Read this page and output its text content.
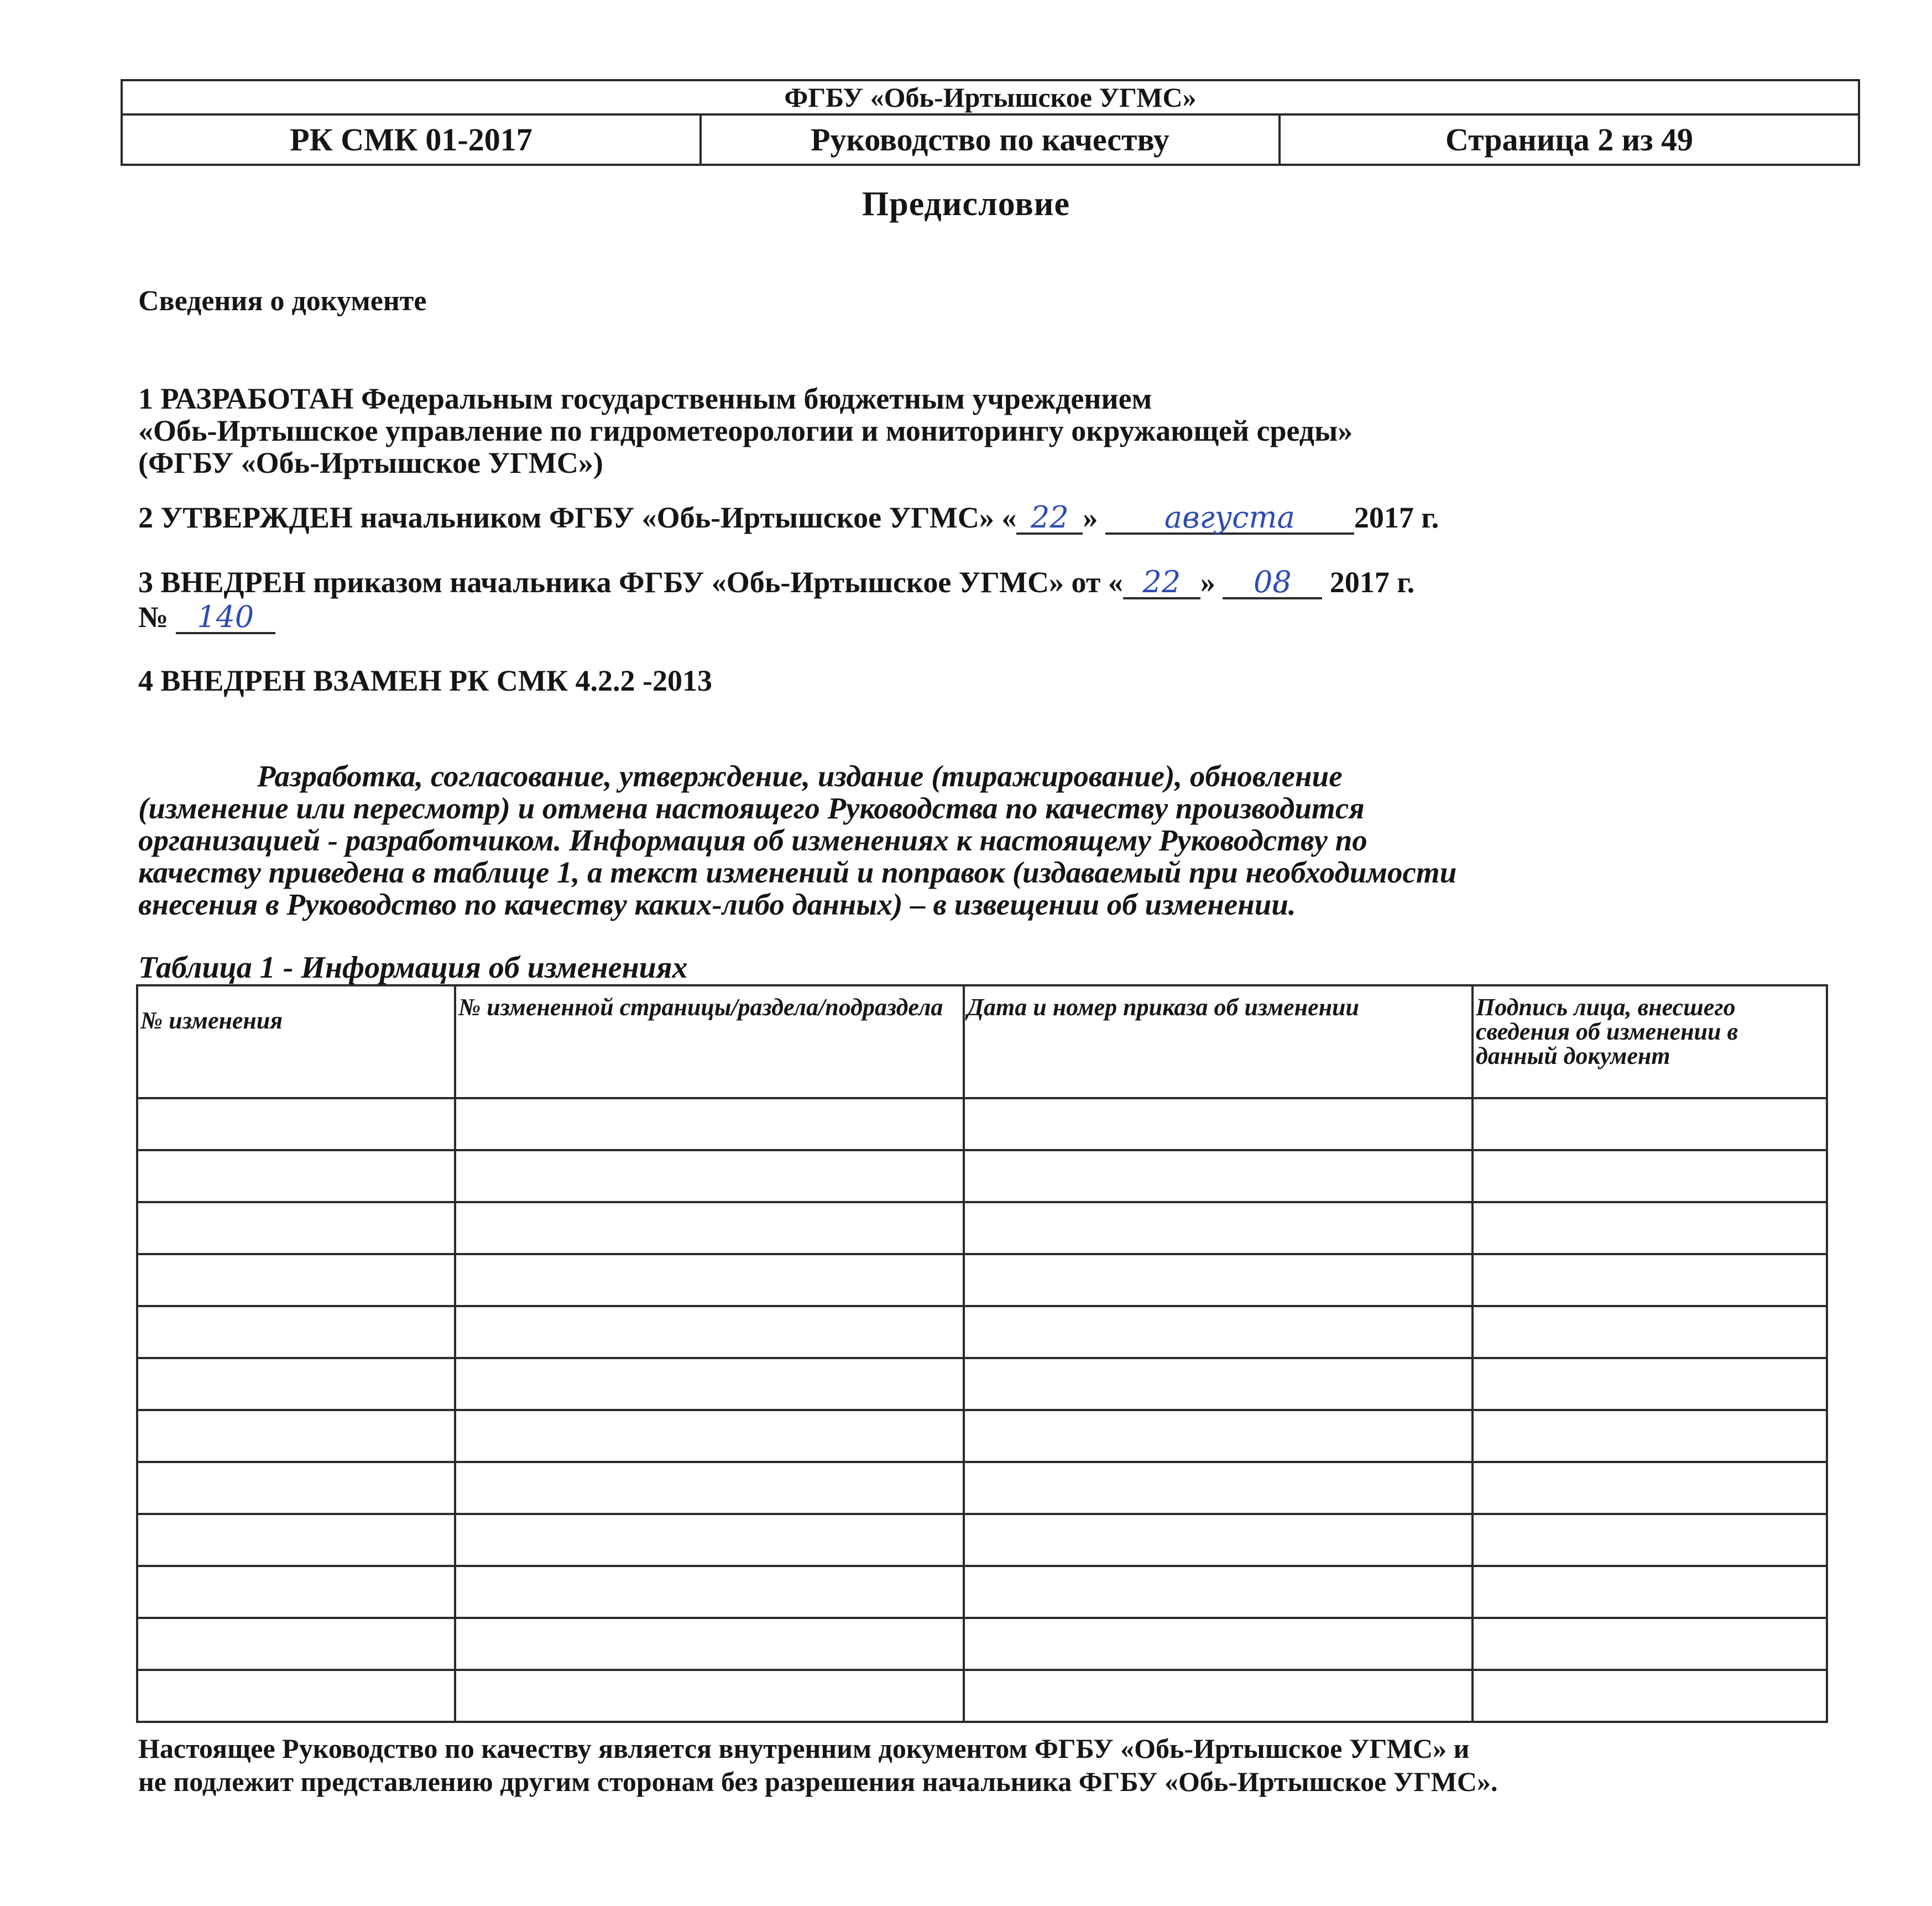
ФГБУ «Обь-Иртышское УГМС»
РК СМК 01-2017	Руководство по качеству	Страница 2 из 49
Предисловие
Сведения о документе
1 РАЗРАБОТАН Федеральным государственным бюджетным учреждением
«Обь-Иртышское управление по гидрометеорологии и мониторингу окружающей среды»
(ФГБУ «Обь-Иртышское УГМС»)
2 УТВЕРЖДЕН начальником ФГБУ «Обь-Иртышское УГМС» « 22 » августа 2017 г.
3 ВНЕДРЕН приказом начальника ФГБУ «Обь-Иртышское УГМС» от « 22 » 08 2017 г.
№ 140
4 ВНЕДРЕН ВЗАМЕН РК СМК 4.2.2 -2013
Разработка, согласование, утверждение, издание (тиражирование), обновление
(изменение или пересмотр) и отмена настоящего Руководства по качеству производится
организацией - разработчиком. Информация об изменениях к настоящему Руководству по
качеству приведена в таблице 1, а текст изменений и поправок (издаваемый при необходимости
внесения в Руководство по качеству каких-либо данных) – в извещении об изменении.
Таблица 1 - Информация об изменениях
№ изменения	№ измененной страницы/раздела/подраздела	Дата и номер приказа об изменении	Подпись лица, внесшего сведения об изменении в данный документ

Настоящее Руководство по качеству является внутренним документом ФГБУ «Обь-Иртышское УГМС» и
не подлежит представлению другим сторонам без разрешения начальника ФГБУ «Обь-Иртышское УГМС».
